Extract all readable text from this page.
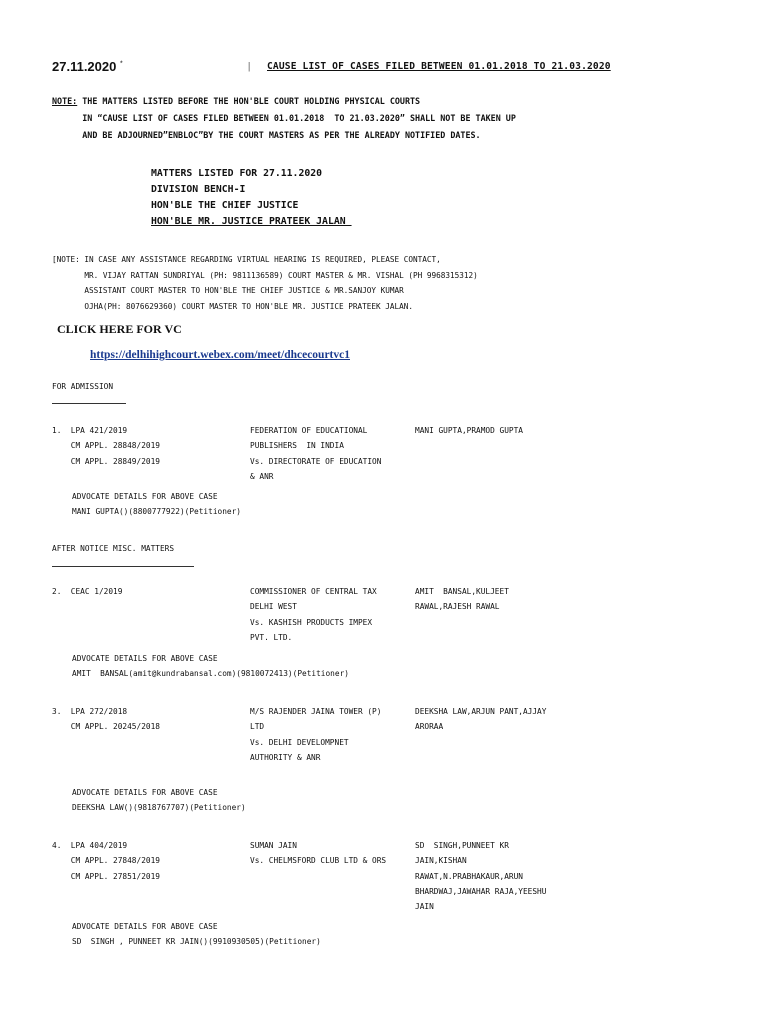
27.11.2020 *	| CAUSE LIST OF CASES FILED BETWEEN 01.01.2018 TO 21.03.2020
NOTE: THE MATTERS LISTED BEFORE THE HON'BLE COURT HOLDING PHYSICAL COURTS
IN “CAUSE LIST OF CASES FILED BETWEEN 01.01.2018  TO 21.03.2020” SHALL NOT BE TAKEN UP
AND BE ADJOURNED”ENBLOC”BY THE COURT MASTERS AS PER THE ALREADY NOTIFIED DATES.
MATTERS LISTED FOR 27.11.2020
DIVISION BENCH-I
HON'BLE THE CHIEF JUSTICE
HON'BLE MR. JUSTICE PRATEEK JALAN
[NOTE: IN CASE ANY ASSISTANCE REGARDING VIRTUAL HEARING IS REQUIRED, PLEASE CONTACT,
MR. VIJAY RATTAN SUNDRIYAL (PH: 9811136589) COURT MASTER & MR. VISHAL (PH 9968315312)
ASSISTANT COURT MASTER TO HON'BLE THE CHIEF JUSTICE & MR.SANJOY KUMAR
OJHA(PH: 8076629360) COURT MASTER TO HON'BLE MR. JUSTICE PRATEEK JALAN.
CLICK HERE FOR VC
https://delhihighcourt.webex.com/meet/dhcecourtvc1
FOR ADMISSION
1.  LPA 421/2019
CM APPL. 28848/2019
CM APPL. 28849/2019
FEDERATION OF EDUCATIONAL
PUBLISHERS  IN INDIA
Vs. DIRECTORATE OF EDUCATION
& ANR
MANI GUPTA,PRAMOD GUPTA
ADVOCATE DETAILS FOR ABOVE CASE
MANI GUPTA()(8800777922)(Petitioner)
AFTER NOTICE MISC. MATTERS
2.  CEAC 1/2019	COMMISSIONER OF CENTRAL TAX
DELHI WEST
Vs. KASHISH PRODUCTS IMPEX
PVT. LTD.
AMIT  BANSAL,KULJEET
RAWAL,RAJESH RAWAL
ADVOCATE DETAILS FOR ABOVE CASE
AMIT  BANSAL(amit@kundrabansal.com)(9810072413)(Petitioner)
3.  LPA 272/2018
CM APPL. 20245/2018
M/S RAJENDER JAINA TOWER (P)
LTD
Vs. DELHI DEVELOMPNET
AUTHORITY & ANR
DEEKSHA LAW,ARJUN PANT,AJJAY
ARORAA
ADVOCATE DETAILS FOR ABOVE CASE
DEEKSHA LAW()(9818767707)(Petitioner)
4.  LPA 404/2019
CM APPL. 27848/2019
CM APPL. 27851/2019
SUMAN JAIN
Vs. CHELMSFORD CLUB LTD & ORS
SD  SINGH,PUNNEET KR
JAIN,KISHAN
RAWAT,N.PRABHAKAUR,ARUN
BHARDWAJ,JAWAHAR RAJA,YEESHU
JAIN
ADVOCATE DETAILS FOR ABOVE CASE
SD  SINGH , PUNNEET KR JAIN()(9910930505)(Petitioner)
